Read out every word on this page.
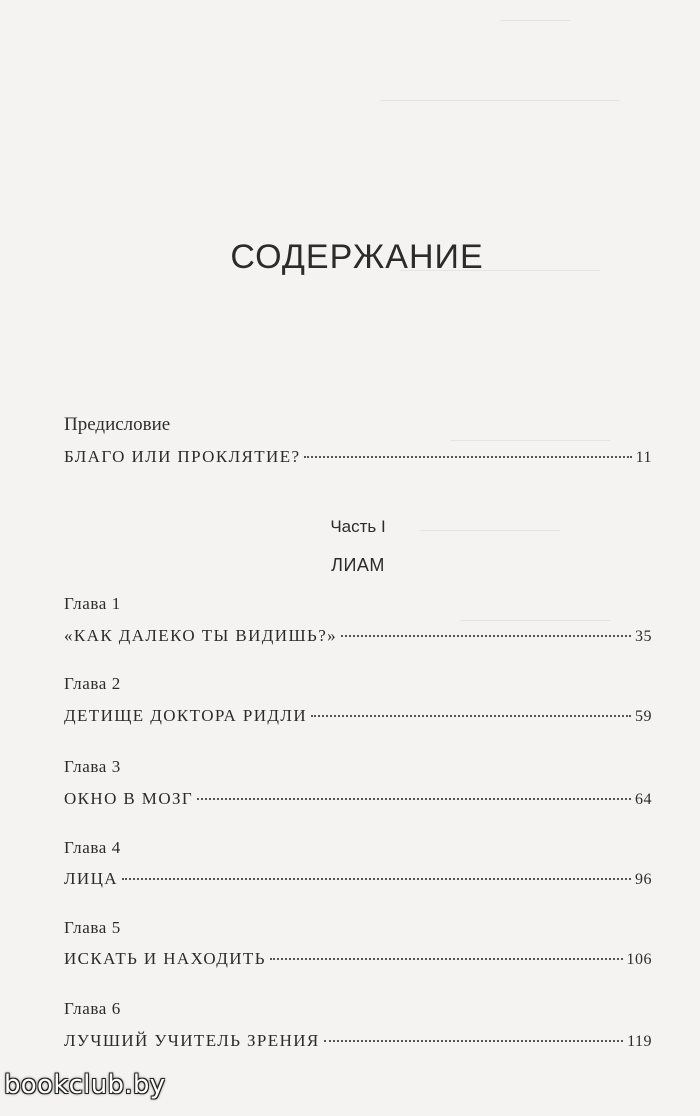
СОДЕРЖАНИЕ
Предисловие
БЛАГО ИЛИ ПРОКЛЯТИЕ?	11
Часть I
ЛИАМ
Глава 1
«КАК ДАЛЕКО ТЫ ВИДИШЬ?»	35
Глава 2
ДЕТИЩЕ ДОКТОРА РИДЛИ	59
Глава 3
ОКНО В МОЗГ	64
Глава 4
ЛИЦА	96
Глава 5
ИСКАТЬ И НАХОДИТЬ	106
Глава 6
ЛУЧШИЙ УЧИТЕЛЬ ЗРЕНИЯ	119
bookclub.by
